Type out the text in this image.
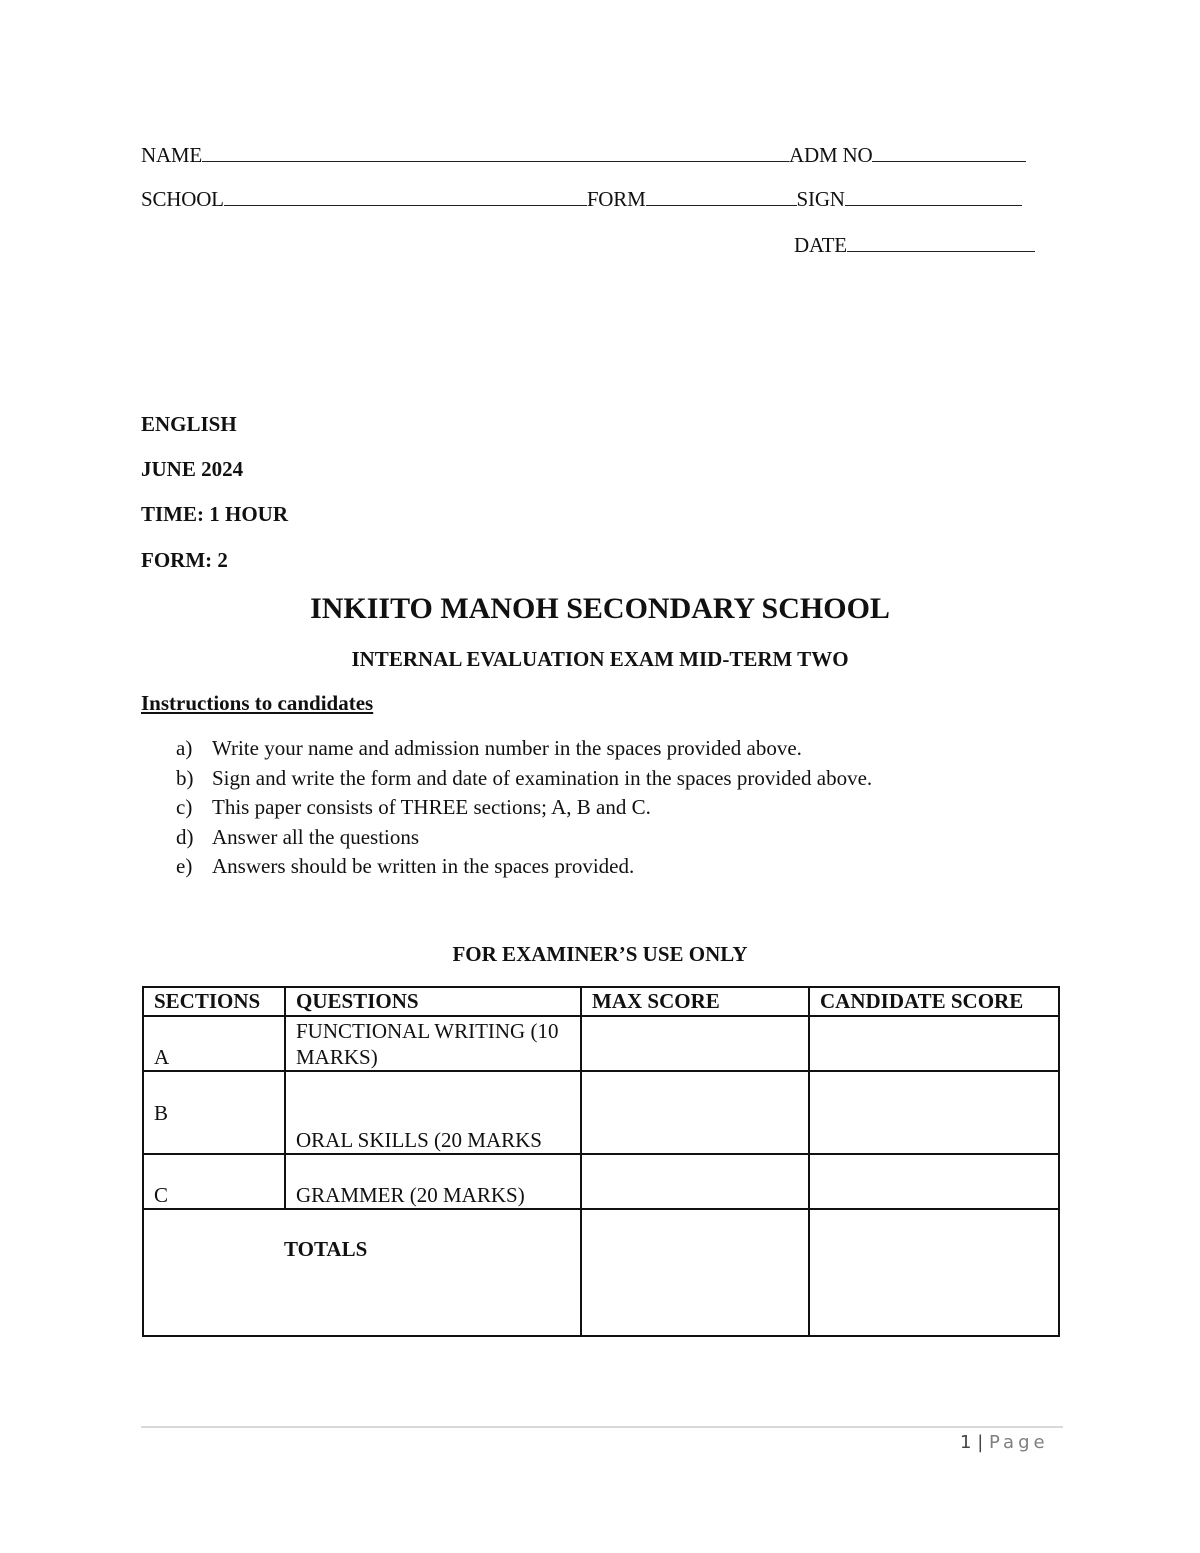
NAME	ADM NO
SCHOOL	FORM	SIGN
DATE
ENGLISH
JUNE 2024
TIME: 1 HOUR
FORM: 2
INKIITO MANOH SECONDARY SCHOOL
INTERNAL EVALUATION EXAM MID-TERM TWO
Instructions to candidates
a) Write your name and admission number in the spaces provided above.
b) Sign and write the form and date of examination in the spaces provided above.
c) This paper consists of THREE sections; A, B and C.
d) Answer all the questions
e) Answers should be written in the spaces provided.
FOR EXAMINER’S USE ONLY
SECTIONS	QUESTIONS	MAX SCORE	CANDIDATE SCORE
A	FUNCTIONAL WRITING (10 MARKS)		
B	ORAL SKILLS (20 MARKS		
C	GRAMMER (20 MARKS)		
TOTALS			
1 | Page
